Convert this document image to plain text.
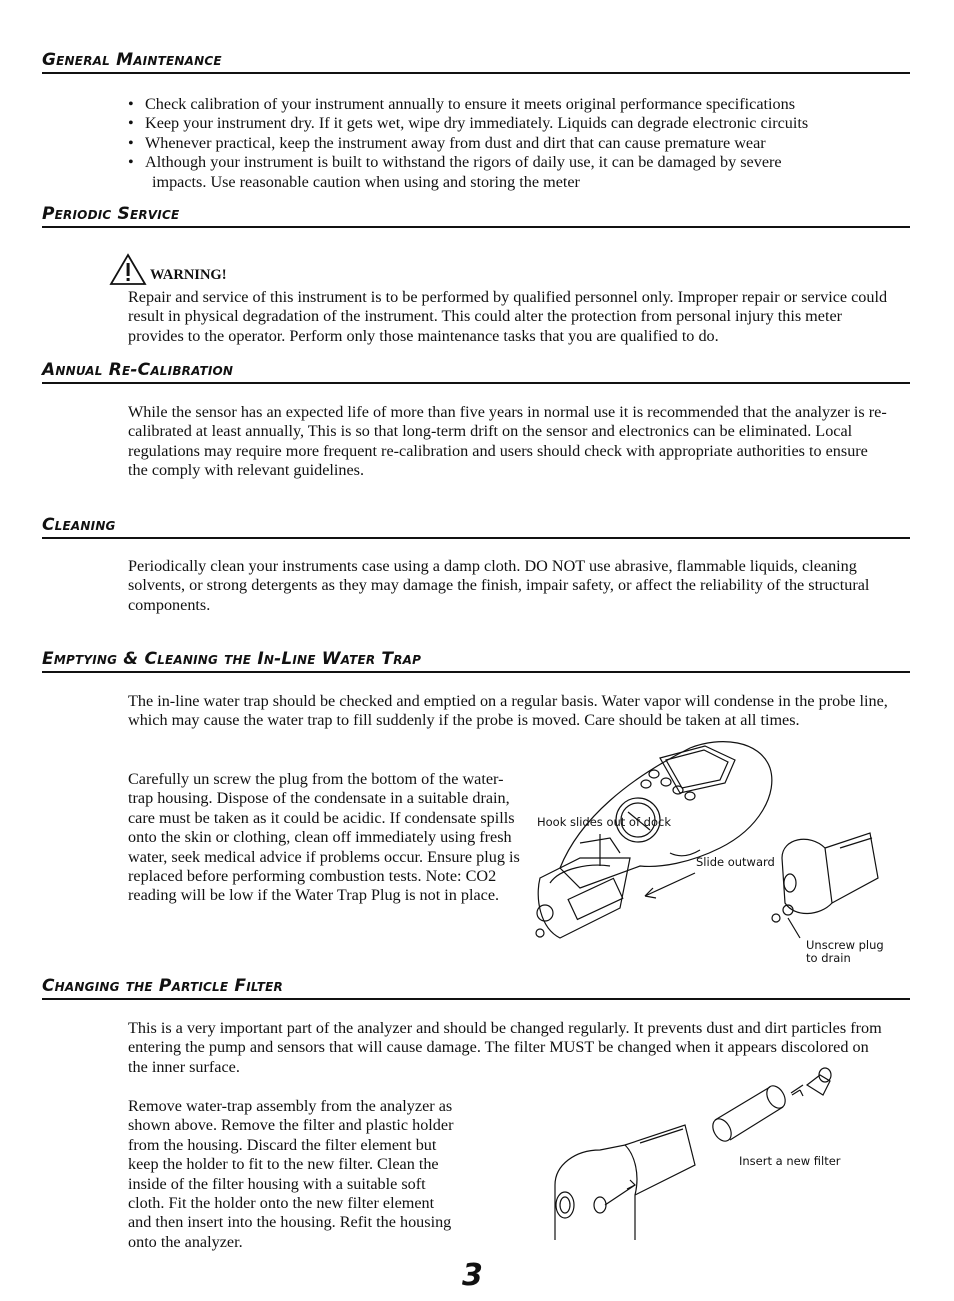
General Maintenance
• Check calibration of your instrument annually to ensure it meets original performance specifications
• Keep your instrument dry. If it gets wet, wipe dry immediately. Liquids can degrade electronic circuits
• Whenever practical, keep the instrument away from dust and dirt that can cause premature wear
• Although your instrument is built to withstand the rigors of daily use, it can be damaged by severe
impacts. Use reasonable caution when using and storing the meter
Periodic Service
WARNING!
Repair and service of this instrument is to be performed by qualified personnel only. Improper repair or service could result in physical degradation of the instrument. This could alter the protection from personal injury this meter provides to the operator. Perform only those maintenance tasks that you are qualified to do.
Annual Re-Calibration
While the sensor has an expected life of more than five years in normal use it is recommended that the analyzer is re-calibrated at least annually, This is so that long-term drift on the sensor and electronics can be eliminated. Local regulations may require more frequent re-calibration and users should check with appropriate authorities to ensure the comply with relevant guidelines.
Cleaning
Periodically clean your instruments case using a damp cloth. DO NOT use abrasive, flammable liquids, cleaning solvents, or strong detergents as they may damage the finish, impair safety, or affect the reliability of the structural components.
Emptying & Cleaning the In-Line Water Trap
The in-line water trap should be checked and emptied on a regular basis. Water vapor will condense in the probe line, which may cause the water trap to fill suddenly if the probe is moved. Care should be taken at all times.
Carefully un screw the plug from the bottom of the water-trap housing. Dispose of the condensate in a suitable drain, care must be taken as it could be acidic. If condensate spills onto the skin or clothing, clean off immediately using fresh water, seek medical advice if problems occur. Ensure plug is replaced before performing combustion tests. Note: CO2 reading will be low if the Water Trap Plug is not in place.
Hook slides out of dock
Slide outward
Unscrew plug to drain
Changing the Particle Filter
This is a very important part of the analyzer and should be changed regularly. It prevents dust and dirt particles from entering the pump and sensors that will cause damage. The filter MUST be changed when it appears discolored on the inner surface.
Remove water-trap assembly from the analyzer as shown above. Remove the filter and plastic holder from the housing. Discard the filter element but keep the holder to fit to the new filter. Clean the inside of the filter housing with a suitable soft cloth. Fit the holder onto the new filter element and then insert into the housing. Refit the housing onto the analyzer.
Insert a new filter
3
